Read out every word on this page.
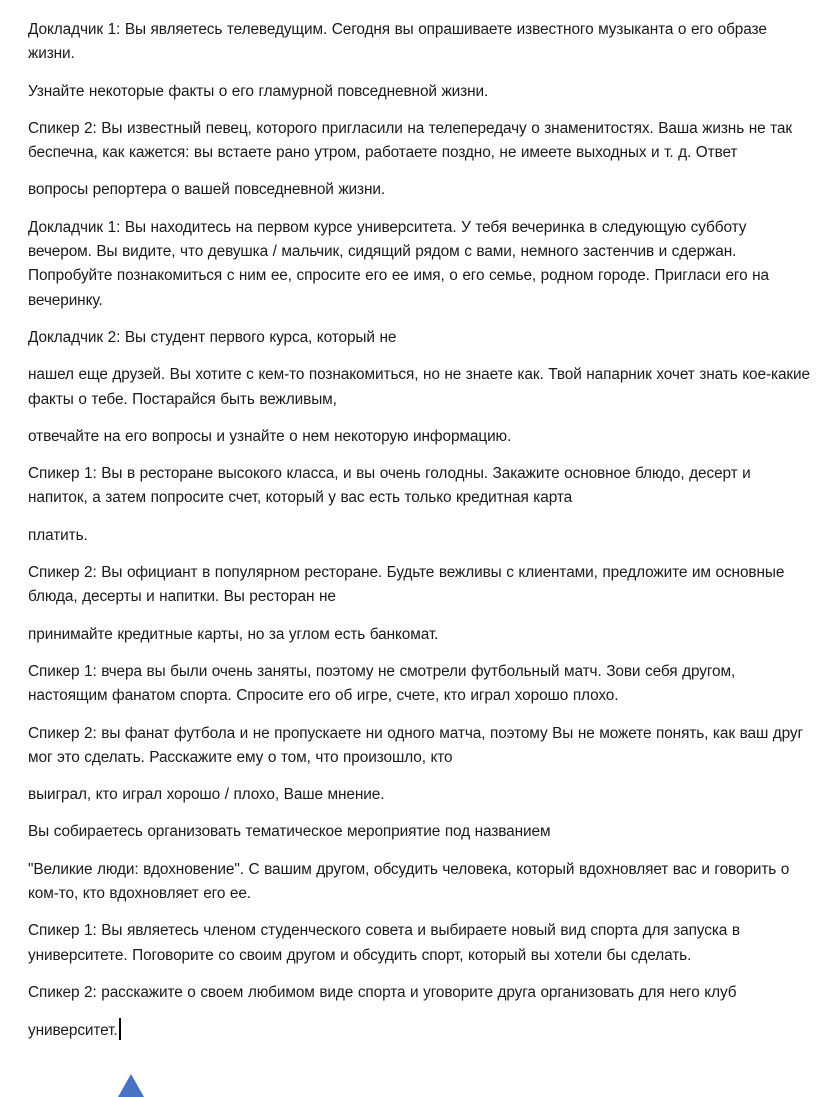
Докладчик 1: Вы являетесь телеведущим. Сегодня вы опрашиваете известного музыканта о его образе жизни.

Узнайте некоторые факты о его гламурной повседневной жизни.

Спикер 2: Вы известный певец, которого пригласили на телепередачу о знаменитостях. Ваша жизнь не так беспечна, как кажется: вы встаете рано утром, работаете поздно, не имеете выходных и т. д. Ответ

вопросы репортера о вашей повседневной жизни.

Докладчик 1: Вы находитесь на первом курсе университета. У тебя вечеринка в следующую субботу вечером. Вы видите, что девушка / мальчик, сидящий рядом с вами, немного застенчив и сдержан. Попробуйте познакомиться с ним ее, спросите его ее имя, о его семье, родном городе. Пригласи его на вечеринку.

Докладчик 2: Вы студент первого курса, который не

нашел еще друзей. Вы хотите с кем-то познакомиться, но не знаете как. Твой напарник хочет знать кое-какие факты о тебе. Постарайся быть вежливым,

отвечайте на его вопросы и узнайте о нем некоторую информацию.

Спикер 1: Вы в ресторане высокого класса, и вы очень голодны. Закажите основное блюдо, десерт и напиток, а затем попросите счет, который у вас есть только кредитная карта

платить.

Спикер 2: Вы официант в популярном ресторане. Будьте вежливы с клиентами, предложите им основные блюда, десерты и напитки. Вы ресторан не

принимайте кредитные карты, но за углом есть банкомат.

Спикер 1: вчера вы были очень заняты, поэтому не смотрели футбольный матч. Зови себя другом, настоящим фанатом спорта. Спросите его об игре, счете, кто играл хорошо плохо.

Спикер 2: вы фанат футбола и не пропускаете ни одного матча, поэтому Вы не можете понять, как ваш друг мог это сделать. Расскажите ему о том, что произошло, кто

выиграл, кто играл хорошо / плохо, Ваше мнение.

Вы собираетесь организовать тематическое мероприятие под названием

"Великие люди: вдохновение". С вашим другом, обсудить человека, который вдохновляет вас и говорить о ком-то, кто вдохновляет его ее.

Спикер 1: Вы являетесь членом студенческого совета и выбираете новый вид спорта для запуска в университете. Поговорите со своим другом и обсудить спорт, который вы хотели бы сделать.

Спикер 2: расскажите о своем любимом виде спорта и уговорите друга организовать для него клуб

университет.
